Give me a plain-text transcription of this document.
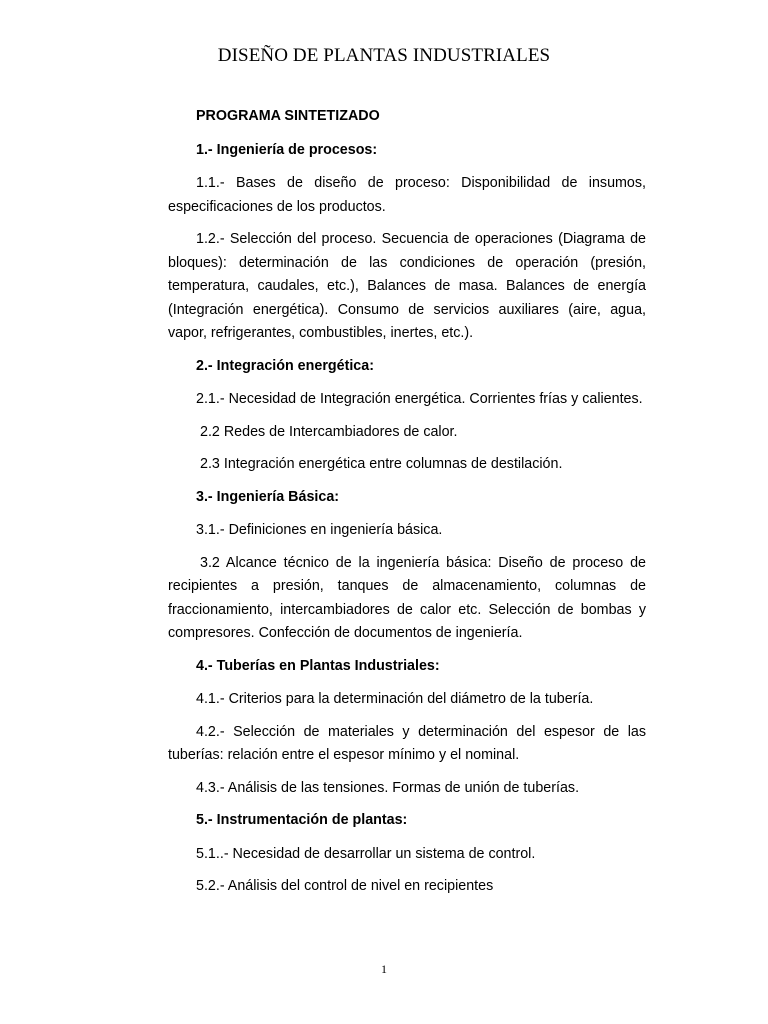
DISEÑO DE PLANTAS INDUSTRIALES

PROGRAMA SINTETIZADO

1.- Ingeniería de procesos:

1.1.- Bases de diseño de proceso: Disponibilidad de insumos, especificaciones de los productos.

1.2.- Selección del proceso. Secuencia de operaciones (Diagrama de bloques): determinación de las condiciones de operación (presión, temperatura, caudales, etc.), Balances de masa. Balances de energía (Integración energética). Consumo de servicios auxiliares (aire, agua, vapor, refrigerantes, combustibles, inertes, etc.).

2.- Integración energética:

2.1.- Necesidad de Integración energética. Corrientes frías y calientes.

2.2 Redes de Intercambiadores de calor.

2.3 Integración energética entre columnas de destilación.

3.- Ingeniería Básica:

3.1.- Definiciones en ingeniería básica.

3.2 Alcance técnico de la ingeniería básica: Diseño de proceso de recipientes a presión, tanques de almacenamiento, columnas de fraccionamiento, intercambiadores de calor etc. Selección de bombas y compresores. Confección de documentos de ingeniería.

4.- Tuberías en Plantas Industriales:

4.1.- Criterios para la determinación del diámetro de la tubería.

4.2.- Selección de materiales y determinación del espesor de las tuberías: relación entre el espesor mínimo y el nominal.

4.3.- Análisis de las tensiones. Formas de unión de tuberías.

5.- Instrumentación de plantas:

5.1..- Necesidad de desarrollar un sistema de control.

5.2.- Análisis del control de nivel en recipientes

1
